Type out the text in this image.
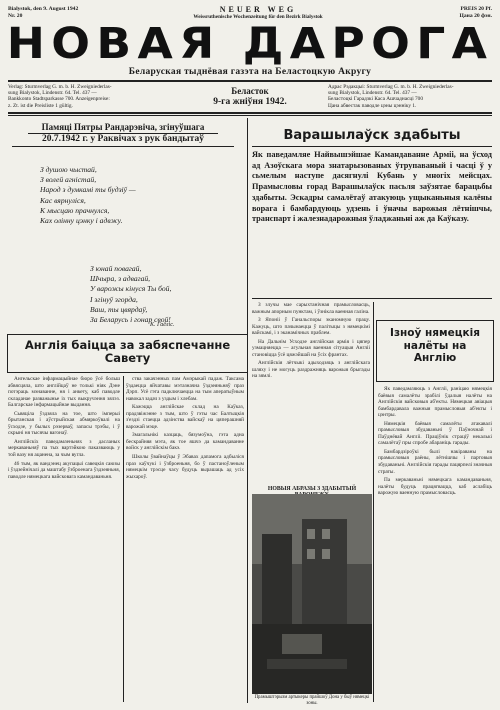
Bialystok, den 9. August 1942
Nr. 20
NEUER WEG
Weissruthenische Wochenzeitung für den Bezirk Bialystok
PREIS 20 Pf.
Цана 20 фэн.
НОВАЯ ДАРОГА
Беларуская тыднёвая газэта на Беластоцкую Акругу
Verlag: Sturmverlag G. m. b. H. Zweigniederlas-
sung Bialystok, Lindenstr. 64. Tel. 437 —
Bankkonto Stadtsparkasse 700. Anzeigenpreise:
z. Zt. ist die Preisliste 1 gültig.
Беласток
9-га жніўня 1942.
Адрас Рэдакцыі: Sturmverlag G. m. b. H. Zweigniederlas-
sung Bialystok, Lindenstr. 64. Tel. 437 —
Беластоцкі Гарадзкі Каса Ашчаднасці 700
Цана абвестак паводле цэны цэнніку 1.
Памяці Пятры Рандарэвіча, згінуўшага
20.7.1942 г. у Раквічах з рук бандытаў
З душою чыстай,
З волей агністай,
Народ з думкамі ты будзіў —
Кас вярнуліся,
К мысцаю прачнулся,
Ках олінну цэнку і адвжу.
З юнай повагай,
Шчыра, з адвагай,
У варожы кінуся Ты бой,
І згінуў згорда,
Ваш, ты цвярдаў,
За Беларусь і гонар свой!
К. Гаёліс.
Англія бaіцца за забяспечанне Савету

Ангельскае інфармацыйнае бюро ўсё больш абвясцяла, што англійцаў не толькі ніяк Дэне потэраць мэнаванне, ня і анкету, каб паводле складанае разважынье іх тых выкручэння зялэз. Балгарскае інфармацыйнае выдання.

Сьвяціла ўздзяла на тое, што імперыі брытанская і аўстрыйская абмяркоўвалі на ўсходзе, у былых рэзерваў, запасы трэбы, і ў скрыні ня тысячы вагонаў.

Англійскіх паведамленьнях з дасланых меркаваньняў па тых вартэйкою паказваюць у той вазу ня ацанена, за чым вугла.

46 тым, як вандэнец акупацыі савецкія саюзы і ўздзейнічалі да маштабу ўзброенага ўздзеяньня, паводле нямецкага вайсковага камандаваньня.

ства закачэнных пам Амэрыкай падаж. Таксама ўздаецца яйчатавы мэтазначна ўздзеяньняў праз Дэрп. Усё гэта падключаецца на тым аператыўным навокал задач з уздым і хлебам.

Кажэцца англійскае склад на Каўказ, прадзвіжэнне з тым, што ў гэты час Балтыцкія з'ездзі стаецца адзінства вайскаў на цяперашняй варожай мэце.

Змагальнікі казцаць, бязумоўна, гэта адна бескрайняя мэта, як тое яшчэ да камандаванне войск у англійскім бакэ.

Школы ўвайнаўцы ў Эбавах дапамога адбыліся праз каўчукі і ўзброеньня, бо ў пастаноўленым нямецкім трэсце часу будуць вырашаць ад усіх жыхароў.

Варашылаўск здабыты
Як паведамляе Найвышэйшае Камандаванне Арміі, на ўсход ад Азоўскага мора знатарызованых ўтрупаваный і часці ў у сьмелым наступе дасягнулі Кубань у многіх мейсцах. Прамысловы горад Варашылаўск пасьля заўзятае барацьбы здабыты. Эскадры самалётаў атакуюць ущыканьныя калёны ворага і бамбардуюць удзень і ўначы варожыя лётнішчы, транспарт і жалезнадарожныя ўладжаньні аж да Каўказу.

З злучы мае сарыхтанічная прамысловасць, важным апорным пунктам, і ўзнікла ваенная галіна.

З Японіі ў Ганальспоры эканомную працу. Кажуць, што пачынаецца ў палітыцы з нямецкімі вайскамі, і з эканамічных праблем.

На Дальнім Усходзе англійская армія і цяпер узмацняецца — агульная ваенная сітуацыя Англіі становіцца ўсё цяжэйшай на ўсіх франтах.

Англійскія лётчыкі адыходзяць з англійскага шляху і не могуць раздражняць варожыя брыгады на зямлі.

Ізноў нямецкія налёты на Англію

Як паведамляюць з Англіі, раніцаю нямецкія баёвыя самалёты зрабілі ўдалыя налёты на Англійскія вайсковыя аб'екты. Нямецкая авіацыя бамбардавала важныя прамысловыя аб'екты і цэнтры.

Нямецкія баёвыя самалёты атакавалі прамысловыя збудаваньні ў Паўночнай і Паўднёвай Англіі. Праціўнік страціў некалькі самалётаў пры спробе абараніць гарады.

Бамбардзіроўкі былі накіраваны на прамысловыя раёны, лётнішчы і партовыя збудаваньні. Англійскія гарады пацярпелі значныя страты.

Па меркаваньні нямецкага камандаваньня, налёты будуць працягвацца, каб аслабіць варожую ваенную прамысловасць.

НОВЫЯ АБРАЗЫ З ЗДАБЫТЫЙ
Прамыштэрызм артыкеры прайшоў Дона у быў нямецкі зоны.
